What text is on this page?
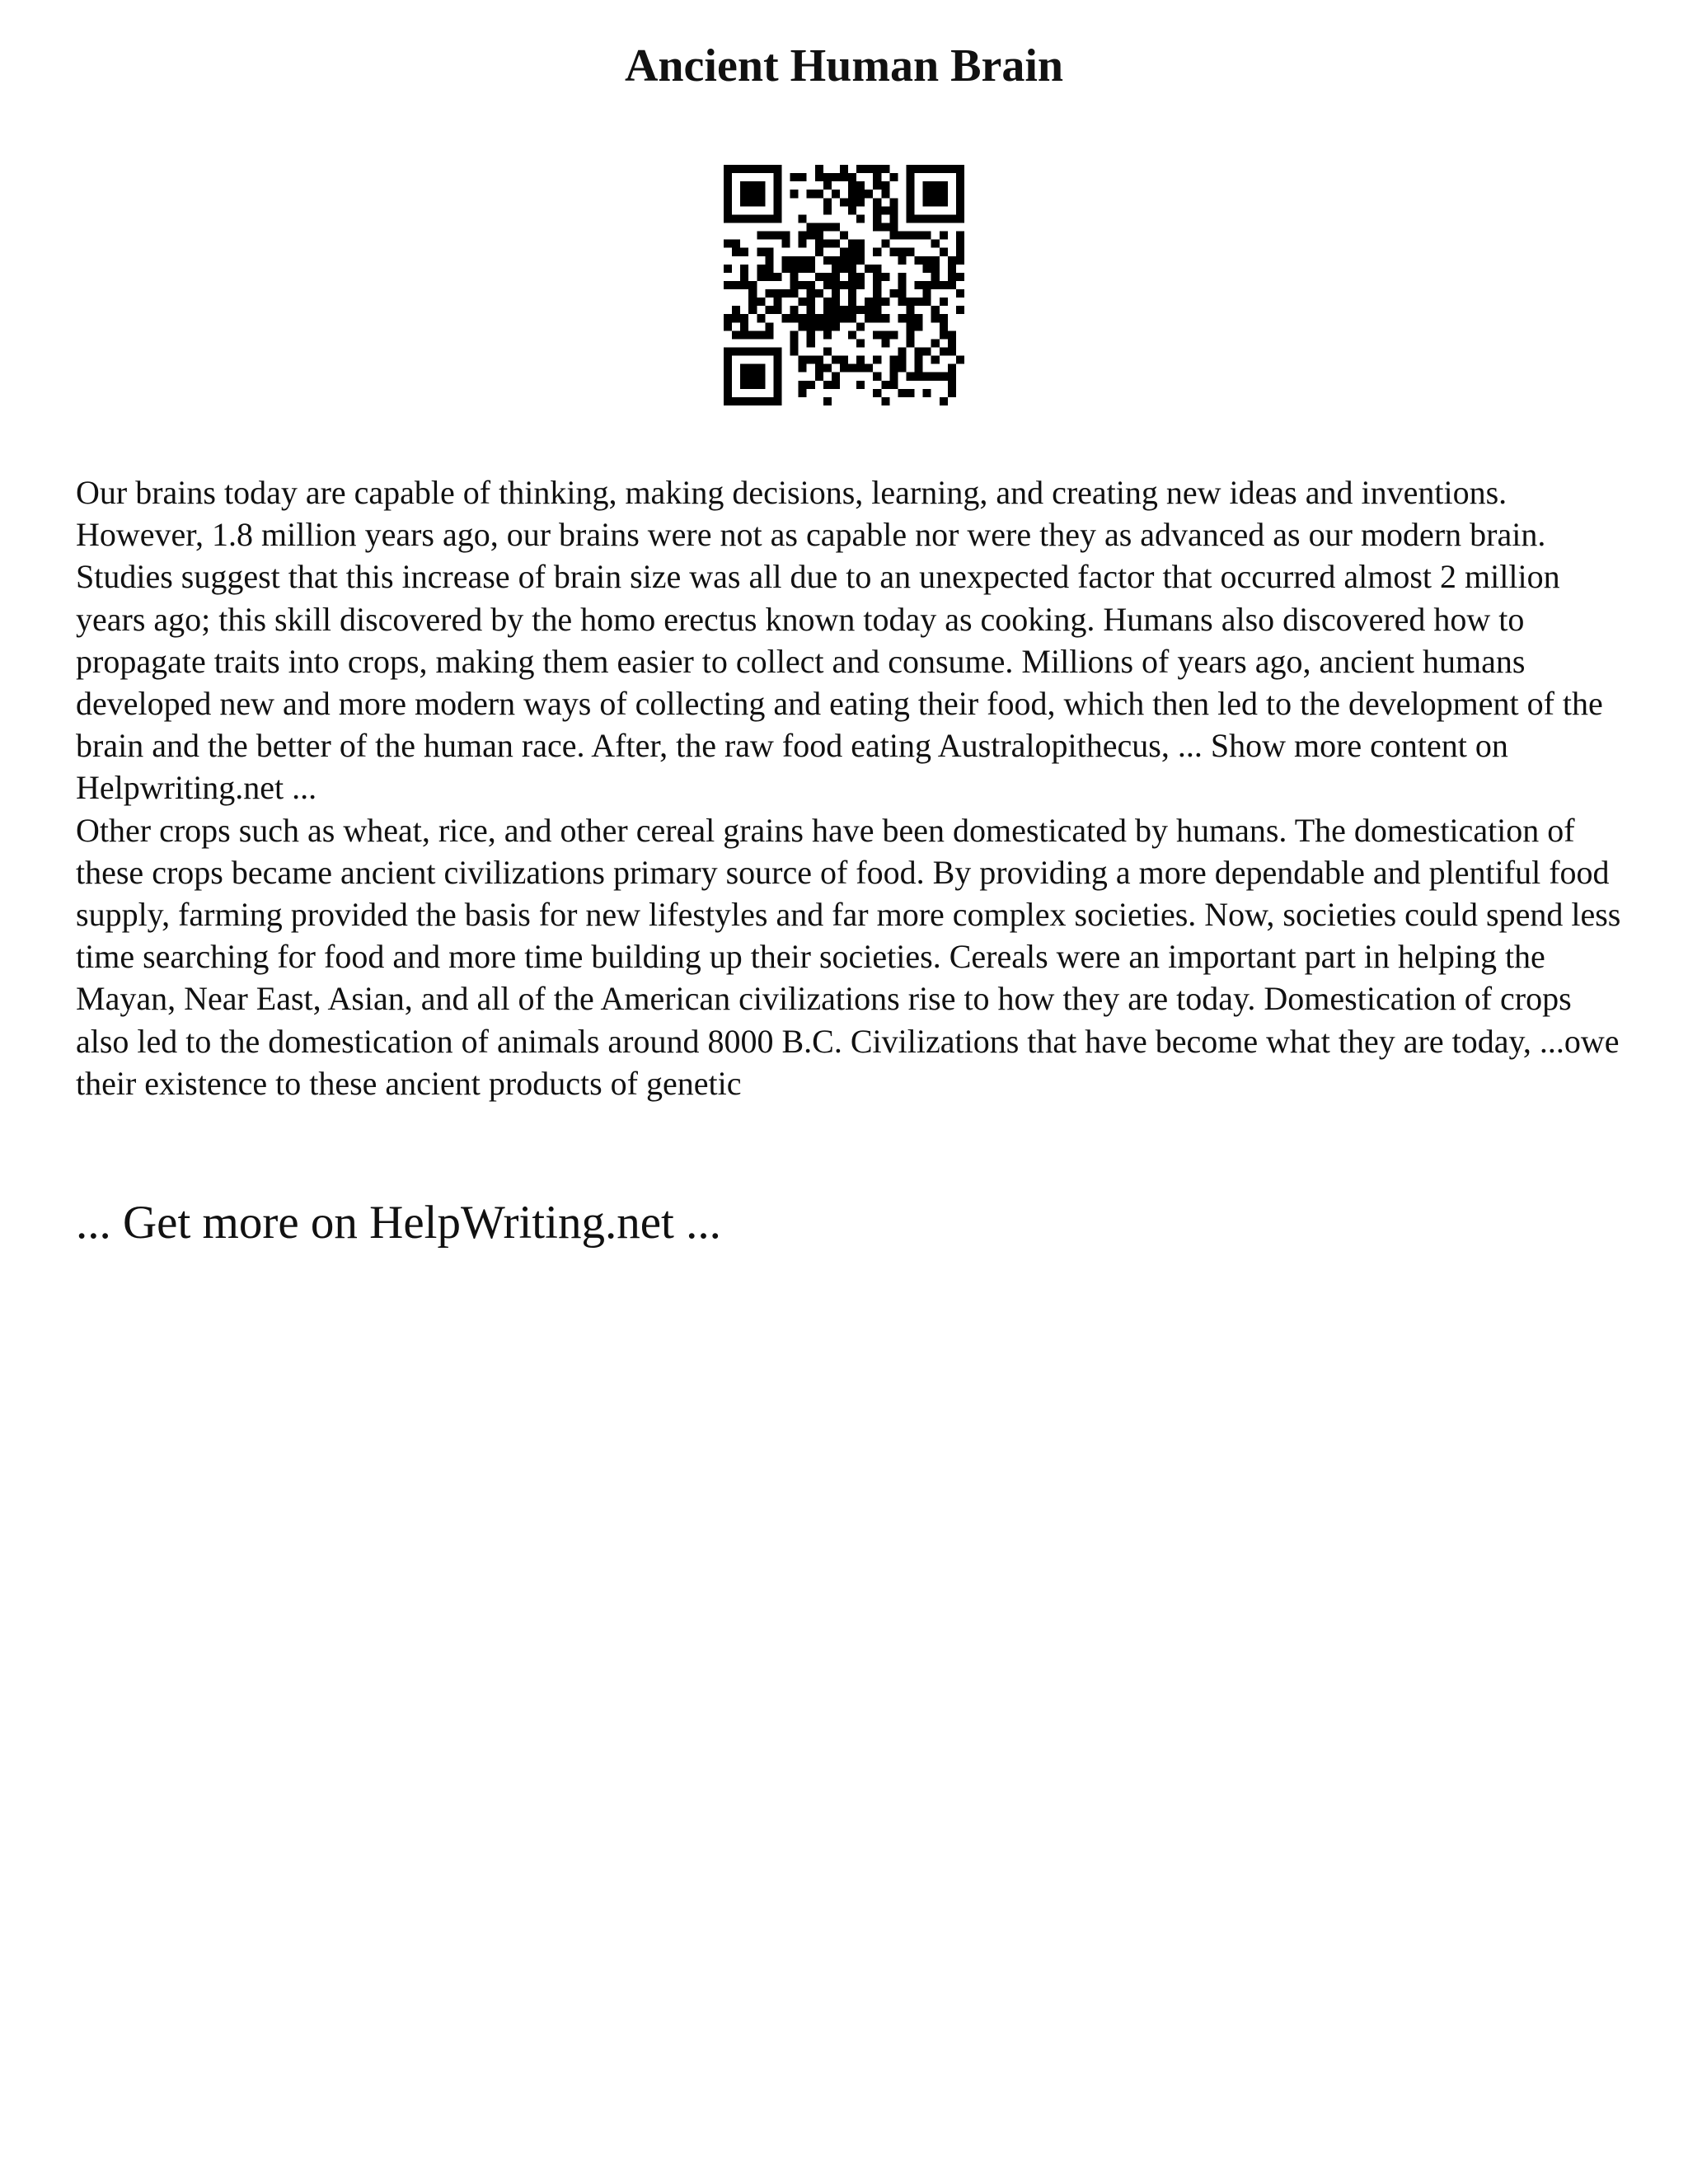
Ancient Human Brain

Our brains today are capable of thinking, making decisions, learning, and creating new ideas and inventions. However, 1.8 million years ago, our brains were not as capable nor were they as advanced as our modern brain. Studies suggest that this increase of brain size was all due to an unexpected factor that occurred almost 2 million years ago; this skill discovered by the homo erectus known today as cooking. Humans also discovered how to propagate traits into crops, making them easier to collect and consume. Millions of years ago, ancient humans developed new and more modern ways of collecting and eating their food, which then led to the development of the brain and the better of the human race. After, the raw food eating Australopithecus, ... Show more content on Helpwriting.net ...

Other crops such as wheat, rice, and other cereal grains have been domesticated by humans. The domestication of these crops became ancient civilizations primary source of food. By providing a more dependable and plentiful food supply, farming provided the basis for new lifestyles and far more complex societies. Now, societies could spend less time searching for food and more time building up their societies. Cereals were an important part in helping the Mayan, Near East, Asian, and all of the American civilizations rise to how they are today. Domestication of crops also led to the domestication of animals around 8000 B.C. Civilizations that have become what they are today, ...owe their existence to these ancient products of genetic

... Get more on HelpWriting.net ...
